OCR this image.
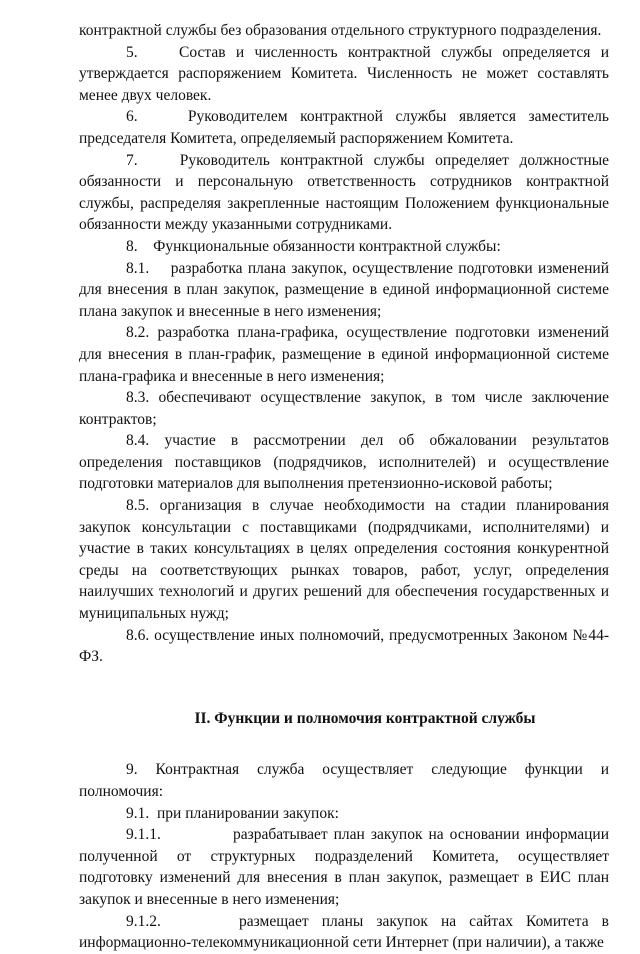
контрактной службы без образования отдельного структурного подразделения.

5.    Состав и численность контрактной службы определяется и утверждается распоряжением Комитета. Численность не может составлять менее двух человек.

6.    Руководителем контрактной службы является заместитель председателя Комитета, определяемый распоряжением Комитета.

7.    Руководитель контрактной службы определяет должностные обязанности и персональную ответственность сотрудников контрактной службы, распределяя закрепленные настоящим Положением функциональные обязанности между указанными сотрудниками.

8.    Функциональные обязанности контрактной службы:

8.1.    разработка плана закупок, осуществление подготовки изменений для внесения в план закупок, размещение в единой информационной системе плана закупок и внесенные в него изменения;

8.2. разработка плана-графика, осуществление подготовки изменений для внесения в план-график, размещение в единой информационной системе плана-графика и внесенные в него изменения;

8.3. обеспечивают осуществление закупок, в том числе заключение контрактов;

8.4. участие в рассмотрении дел об обжаловании результатов определения поставщиков (подрядчиков, исполнителей) и осуществление подготовки материалов для выполнения претензионно-исковой работы;

8.5. организация в случае необходимости на стадии планирования закупок консультации с поставщиками (подрядчиками, исполнителями) и участие в таких консультациях в целях определения состояния конкурентной среды на соответствующих рынках товаров, работ, услуг, определения наилучших технологий и других решений для обеспечения государственных и муниципальных нужд;

8.6. осуществление иных полномочий, предусмотренных Законом №44-ФЗ.

II. Функции и полномочия контрактной службы

9. Контрактная служба осуществляет следующие функции и полномочия:

9.1.  при планировании закупок:

9.1.1.            разрабатывает план закупок на основании информации полученной от структурных подразделений Комитета, осуществляет подготовку изменений для внесения в план закупок, размещает в ЕИС план закупок и внесенные в него изменения;

9.1.2.      размещает планы закупок на сайтах Комитета в информационно-телекоммуникационной сети Интернет (при наличии), а также
